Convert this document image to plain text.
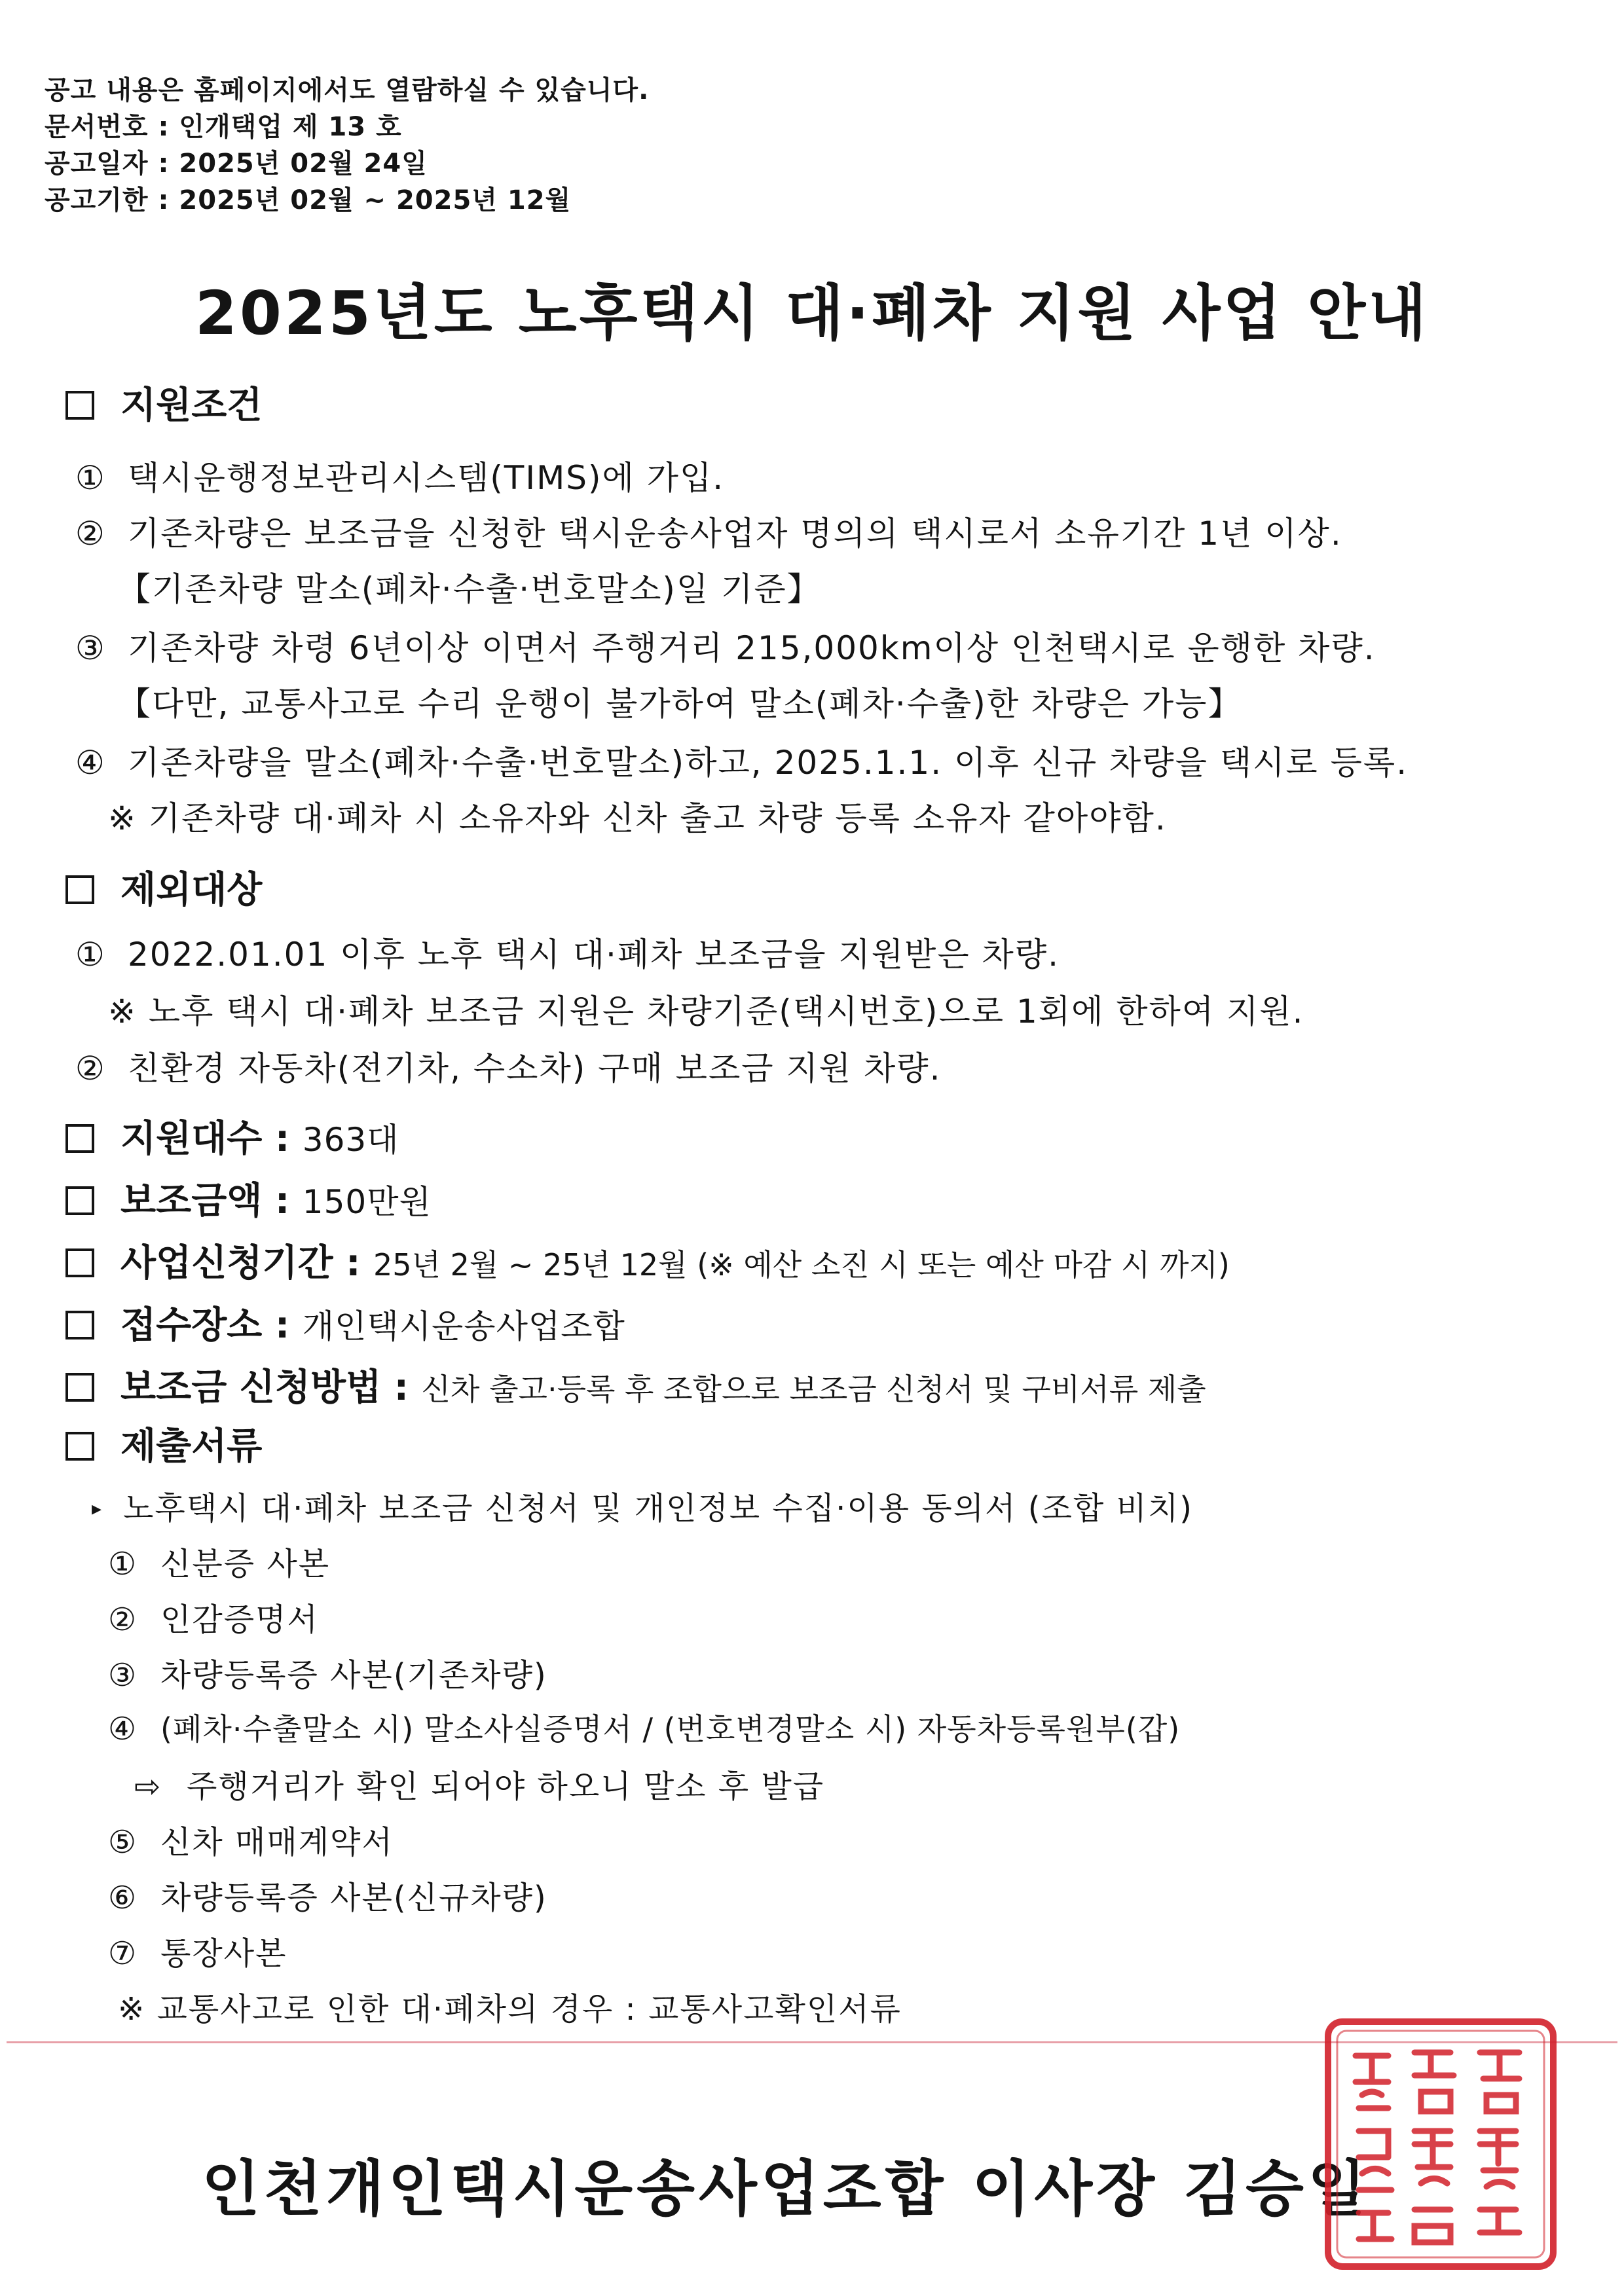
공고 내용은 홈페이지에서도 열람하실 수 있습니다.
문서번호 : 인개택업 제 13 호
공고일자 : 2025년 02월 24일
공고기한 : 2025년 02월 ~ 2025년 12월
2025년도 노후택시 대·폐차 지원 사업 안내
지원조건
① 택시운행정보관리시스템(TIMS)에 가입.
② 기존차량은 보조금을 신청한 택시운송사업자 명의의 택시로서 소유기간 1년 이상.
【기존차량 말소(폐차·수출·번호말소)일 기준】
③ 기존차량 차령 6년이상 이면서 주행거리 215,000km이상 인천택시로 운행한 차량.
【다만, 교통사고로 수리 운행이 불가하여 말소(폐차·수출)한 차량은 가능】
④ 기존차량을 말소(폐차·수출·번호말소)하고, 2025.1.1. 이후 신규 차량을 택시로 등록.
※ 기존차량 대·폐차 시 소유자와 신차 출고 차량 등록 소유자 같아야함.
제외대상
① 2022.01.01 이후 노후 택시 대·폐차 보조금을 지원받은 차량.
※ 노후 택시 대·폐차 보조금 지원은 차량기준(택시번호)으로 1회에 한하여 지원.
② 친환경 자동차(전기차, 수소차) 구매 보조금 지원 차량.
지원대수 : 363대
보조금액 : 150만원
사업신청기간 : 25년 2월 ~ 25년 12월 (※ 예산 소진 시 또는 예산 마감 시 까지)
접수장소 : 개인택시운송사업조합
보조금 신청방법 : 신차 출고·등록 후 조합으로 보조금 신청서 및 구비서류 제출
제출서류
▸ 노후택시 대·폐차 보조금 신청서 및 개인정보 수집·이용 동의서 (조합 비치)
① 신분증 사본
② 인감증명서
③ 차량등록증 사본(기존차량)
④ (폐차·수출말소 시) 말소사실증명서 / (번호변경말소 시) 자동차등록원부(갑)
⇨ 주행거리가 확인 되어야 하오니 말소 후 발급
⑤ 신차 매매계약서
⑥ 차량등록증 사본(신규차량)
⑦ 통장사본
※ 교통사고로 인한 대·폐차의 경우 : 교통사고확인서류
인천개인택시운송사업조합 이사장 김승일
인천개인택시운송사업조합이사장인
